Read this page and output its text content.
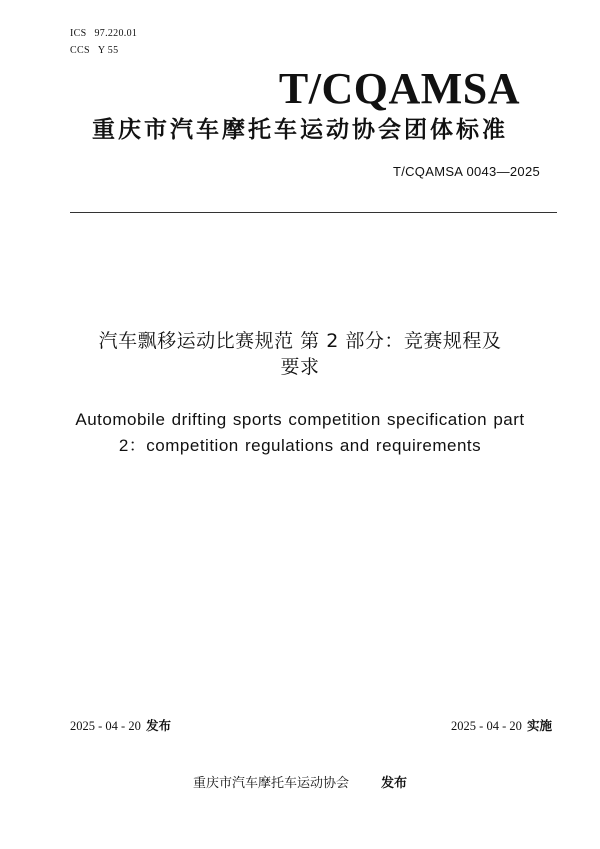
ICS 97.220.01
CCS Y 55
T/CQAMSA
重庆市汽车摩托车运动协会团体标准
T/CQAMSA 0043—2025
汽车飘移运动比赛规范 第 2 部分：竞赛规程及
要求
Automobile drifting sports competition specification part
2：competition regulations and requirements
2025 - 04 - 20 发布	2025 - 04 - 20 实施
重庆市汽车摩托车运动协会 发布
